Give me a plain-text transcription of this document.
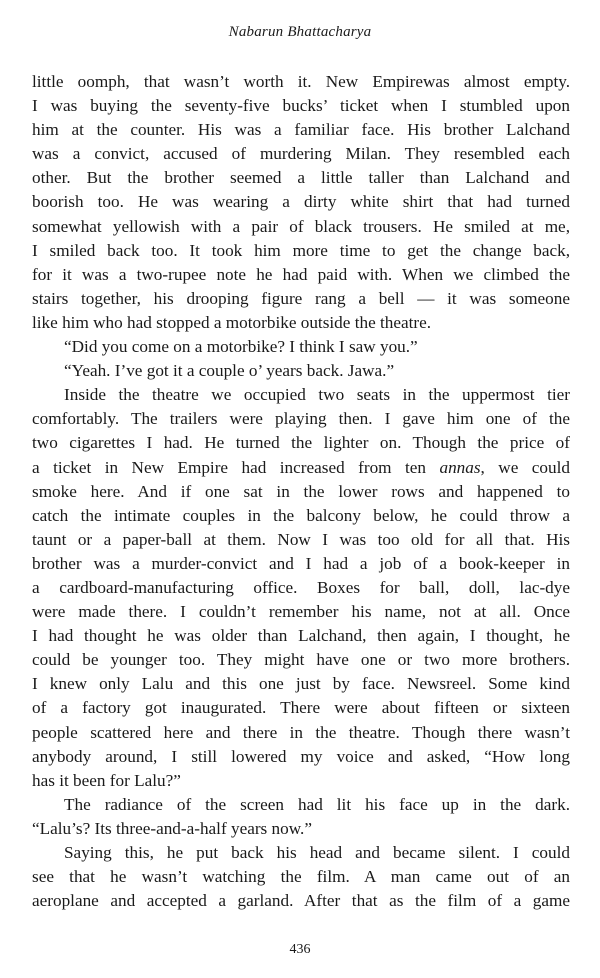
Nabarun Bhattacharya
little oomph, that wasn’t worth it. New Empirewas almost empty.
I was buying the seventy-five bucks’ ticket when I stumbled upon
him at the counter. His was a familiar face. His brother Lalchand
was a convict, accused of murdering Milan. They resembled each
other. But the brother seemed a little taller than Lalchand and
boorish too. He was wearing a dirty white shirt that had turned
somewhat yellowish with a pair of black trousers. He smiled at me,
I smiled back too. It took him more time to get the change back,
for it was a two-rupee note he had paid with. When we climbed the
stairs together, his drooping figure rang a bell — it was someone
like him who had stopped a motorbike outside the theatre.
“Did you come on a motorbike? I think I saw you.”
“Yeah. I’ve got it a couple o’ years back. Jawa.”
Inside the theatre we occupied two seats in the uppermost tier
comfortably. The trailers were playing then. I gave him one of the
two cigarettes I had. He turned the lighter on. Though the price of
a ticket in New Empire had increased from ten annas, we could
smoke here. And if one sat in the lower rows and happened to
catch the intimate couples in the balcony below, he could throw a
taunt or a paper-ball at them. Now I was too old for all that. His
brother was a murder-convict and I had a job of a book-keeper in
a cardboard-manufacturing office. Boxes for ball, doll, lac-dye
were made there. I couldn’t remember his name, not at all. Once
I had thought he was older than Lalchand, then again, I thought, he
could be younger too. They might have one or two more brothers.
I knew only Lalu and this one just by face. Newsreel. Some kind
of a factory got inaugurated. There were about fifteen or sixteen
people scattered here and there in the theatre. Though there wasn’t
anybody around, I still lowered my voice and asked, “How long
has it been for Lalu?”
The radiance of the screen had lit his face up in the dark.
“Lalu’s? Its three-and-a-half years now.”
Saying this, he put back his head and became silent. I could
see that he wasn’t watching the film. A man came out of an
aeroplane and accepted a garland. After that as the film of a game
436
